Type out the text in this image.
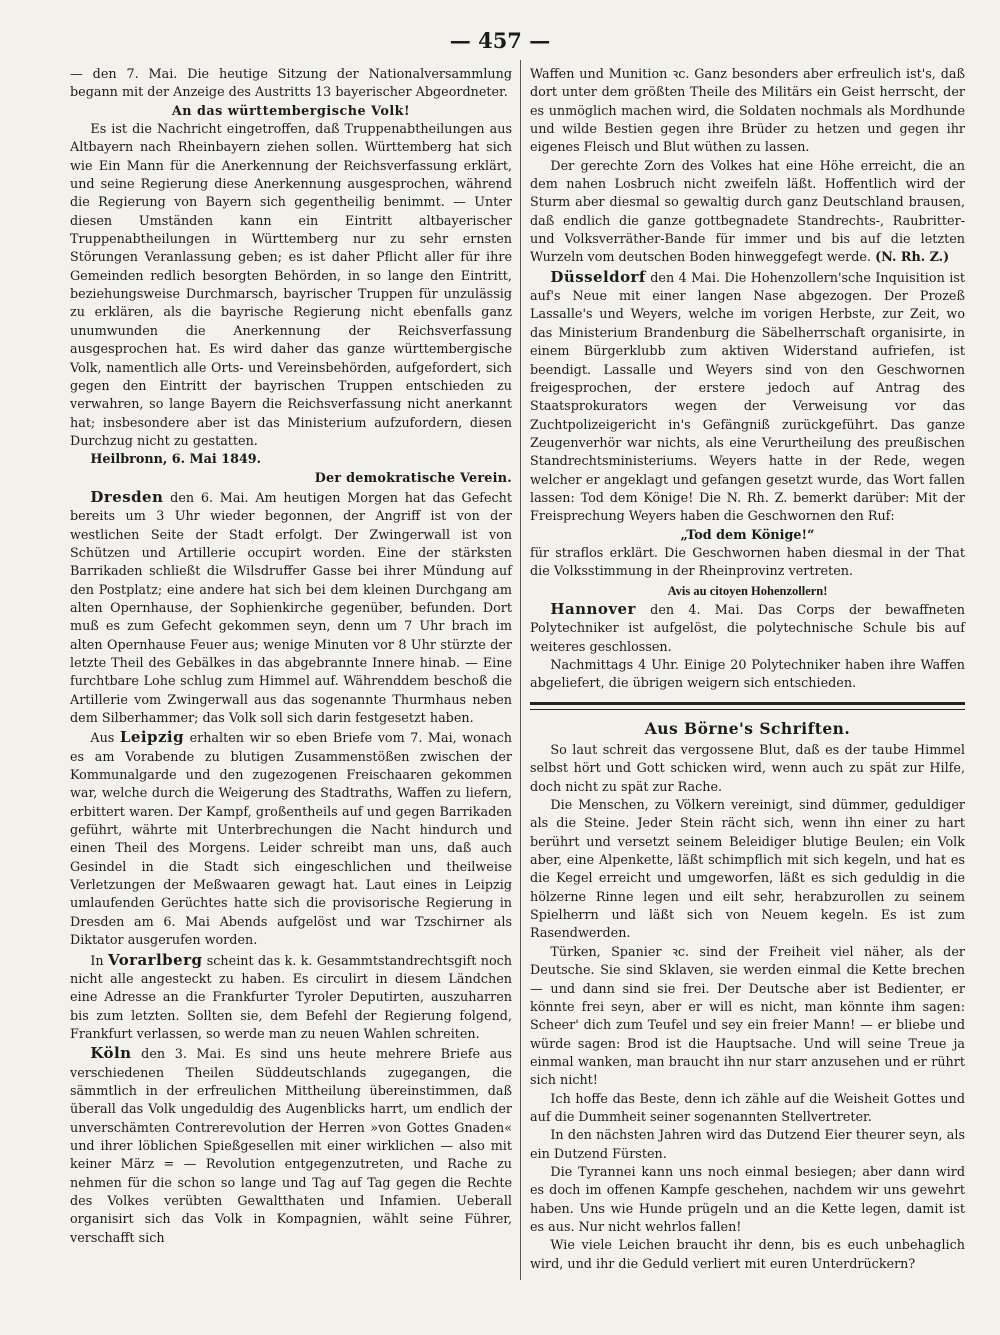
— 457 —

— den 7. Mai. Die heutige Sitzung der Nationalversammlung begann mit der Anzeige des Austritts 13 bayerischer Abgeordneter.

An das württembergische Volk!

Es ist die Nachricht eingetroffen, daß Truppenabtheilungen aus Altbayern nach Rheinbayern ziehen sollen. Württemberg hat sich wie Ein Mann für die Anerkennung der Reichsverfassung erklärt, und seine Regierung diese Anerkennung ausgesprochen, während die Regierung von Bayern sich gegentheilig benimmt. — Unter diesen Umständen kann ein Eintritt altbayerischer Truppenabtheilungen in Württemberg nur zu sehr ernsten Störungen Veranlassung geben; es ist daher Pflicht aller für ihre Gemeinden redlich besorgten Behörden, in so lange den Eintritt, beziehungsweise Durchmarsch, bayrischer Truppen für unzulässig zu erklären, als die bayrische Regierung nicht ebenfalls ganz unumwunden die Anerkennung der Reichsverfassung ausgesprochen hat. Es wird daher das ganze württembergische Volk, namentlich alle Orts- und Vereinsbehörden, aufgefordert, sich gegen den Eintritt der bayrischen Truppen entschieden zu verwahren, so lange Bayern die Reichsverfassung nicht anerkannt hat; insbesondere aber ist das Ministerium aufzufordern, diesen Durchzug nicht zu gestatten.

Heilbronn, 6. Mai 1849.

Der demokratische Verein.

Dresden den 6. Mai. Am heutigen Morgen hat das Gefecht bereits um 3 Uhr wieder begonnen, der Angriff ist von der westlichen Seite der Stadt erfolgt. Der Zwingerwall ist von Schützen und Artillerie occupirt worden. Eine der stärksten Barrikaden schließt die Wilsdruffer Gasse bei ihrer Mündung auf den Postplatz; eine andere hat sich bei dem kleinen Durchgang am alten Opernhause, der Sophienkirche gegenüber, befunden. Dort muß es zum Gefecht gekommen seyn, denn um 7 Uhr brach im alten Opernhause Feuer aus; wenige Minuten vor 8 Uhr stürzte der letzte Theil des Gebälkes in das abgebrannte Innere hinab. — Eine furchtbare Lohe schlug zum Himmel auf. Währenddem beschoß die Artillerie vom Zwingerwall aus das sogenannte Thurmhaus neben dem Silberhammer; das Volk soll sich darin festgesetzt haben.

Aus Leipzig erhalten wir so eben Briefe vom 7. Mai, wonach es am Vorabende zu blutigen Zusammenstößen zwischen der Kommunalgarde und den zugezogenen Freischaaren gekommen war, welche durch die Weigerung des Stadtraths, Waffen zu liefern, erbittert waren. Der Kampf, großentheils auf und gegen Barrikaden geführt, währte mit Unterbrechungen die Nacht hindurch und einen Theil des Morgens. Leider schreibt man uns, daß auch Gesindel in die Stadt sich eingeschlichen und theilweise Verletzungen der Meßwaaren gewagt hat. Laut eines in Leipzig umlaufenden Gerüchtes hatte sich die provisorische Regierung in Dresden am 6. Mai Abends aufgelöst und war Tzschirner als Diktator ausgerufen worden.

In Vorarlberg scheint das k. k. Gesammtstandrechtsgift noch nicht alle angesteckt zu haben. Es circulirt in diesem Ländchen eine Adresse an die Frankfurter Tyroler Deputirten, auszuharren bis zum letzten. Sollten sie, dem Befehl der Regierung folgend, Frankfurt verlassen, so werde man zu neuen Wahlen schreiten.

Köln den 3. Mai. Es sind uns heute mehrere Briefe aus verschiedenen Theilen Süddeutschlands zugegangen, die sämmtlich in der erfreulichen Mittheilung übereinstimmen, daß überall das Volk ungeduldig des Augenblicks harrt, um endlich der unverschämten Contrerevolution der Herren »von Gottes Gnaden« und ihrer löblichen Spießgesellen mit einer wirklichen — also mit keiner März = — Revolution entgegenzutreten, und Rache zu nehmen für die schon so lange und Tag auf Tag gegen die Rechte des Volkes verübten Gewaltthaten und Infamien. Ueberall organisirt sich das Volk in Kompagnien, wählt seine Führer, verschafft sich

Waffen und Munition ꝛc. Ganz besonders aber erfreulich ist's, daß dort unter dem größten Theile des Militärs ein Geist herrscht, der es unmöglich machen wird, die Soldaten nochmals als Mordhunde und wilde Bestien gegen ihre Brüder zu hetzen und gegen ihr eigenes Fleisch und Blut wüthen zu lassen.

Der gerechte Zorn des Volkes hat eine Höhe erreicht, die an dem nahen Losbruch nicht zweifeln läßt. Hoffentlich wird der Sturm aber diesmal so gewaltig durch ganz Deutschland brausen, daß endlich die ganze gottbegnadete Standrechts-, Raubritter- und Volksverräther-Bande für immer und bis auf die letzten Wurzeln vom deutschen Boden hinweggefegt werde. (N. Rh. Z.)

Düsseldorf den 4 Mai. Die Hohenzollern'sche Inquisition ist auf's Neue mit einer langen Nase abgezogen. Der Prozeß Lassalle's und Weyers, welche im vorigen Herbste, zur Zeit, wo das Ministerium Brandenburg die Säbelherrschaft organisirte, in einem Bürgerklubb zum aktiven Widerstand aufriefen, ist beendigt. Lassalle und Weyers sind von den Geschwornen freigesprochen, der erstere jedoch auf Antrag des Staatsprokurators wegen der Verweisung vor das Zuchtpolizeigericht in's Gefängniß zurückgeführt. Das ganze Zeugenverhör war nichts, als eine Verurtheilung des preußischen Standrechtsministeriums. Weyers hatte in der Rede, wegen welcher er angeklagt und gefangen gesetzt wurde, das Wort fallen lassen: Tod dem Könige! Die N. Rh. Z. bemerkt darüber: Mit der Freisprechung Weyers haben die Geschwornen den Ruf:

„Tod dem Könige!“

für straflos erklärt. Die Geschwornen haben diesmal in der That die Volksstimmung in der Rheinprovinz vertreten.

Avis au citoyen Hohenzollern!

Hannover den 4. Mai. Das Corps der bewaffneten Polytechniker ist aufgelöst, die polytechnische Schule bis auf weiteres geschlossen.

Nachmittags 4 Uhr. Einige 20 Polytechniker haben ihre Waffen abgeliefert, die übrigen weigern sich entschieden.

Aus Börne's Schriften.

So laut schreit das vergossene Blut, daß es der taube Himmel selbst hört und Gott schicken wird, wenn auch zu spät zur Hilfe, doch nicht zu spät zur Rache.

Die Menschen, zu Völkern vereinigt, sind dümmer, geduldiger als die Steine. Jeder Stein rächt sich, wenn ihn einer zu hart berührt und versetzt seinem Beleidiger blutige Beulen; ein Volk aber, eine Alpenkette, läßt schimpflich mit sich kegeln, und hat es die Kegel erreicht und umgeworfen, läßt es sich geduldig in die hölzerne Rinne legen und eilt sehr, herabzurollen zu seinem Spielherrn und läßt sich von Neuem kegeln. Es ist zum Rasendwerden.

Türken, Spanier ꝛc. sind der Freiheit viel näher, als der Deutsche. Sie sind Sklaven, sie werden einmal die Kette brechen — und dann sind sie frei. Der Deutsche aber ist Bedienter, er könnte frei seyn, aber er will es nicht, man könnte ihm sagen: Scheer' dich zum Teufel und sey ein freier Mann! — er bliebe und würde sagen: Brod ist die Hauptsache. Und will seine Treue ja einmal wanken, man braucht ihn nur starr anzusehen und er rührt sich nicht!

Ich hoffe das Beste, denn ich zähle auf die Weisheit Gottes und auf die Dummheit seiner sogenannten Stellvertreter.

In den nächsten Jahren wird das Dutzend Eier theurer seyn, als ein Dutzend Fürsten.

Die Tyrannei kann uns noch einmal besiegen; aber dann wird es doch im offenen Kampfe geschehen, nachdem wir uns gewehrt haben. Uns wie Hunde prügeln und an die Kette legen, damit ist es aus. Nur nicht wehrlos fallen!

Wie viele Leichen braucht ihr denn, bis es euch unbehaglich wird, und ihr die Geduld verliert mit euren Unterdrückern?
